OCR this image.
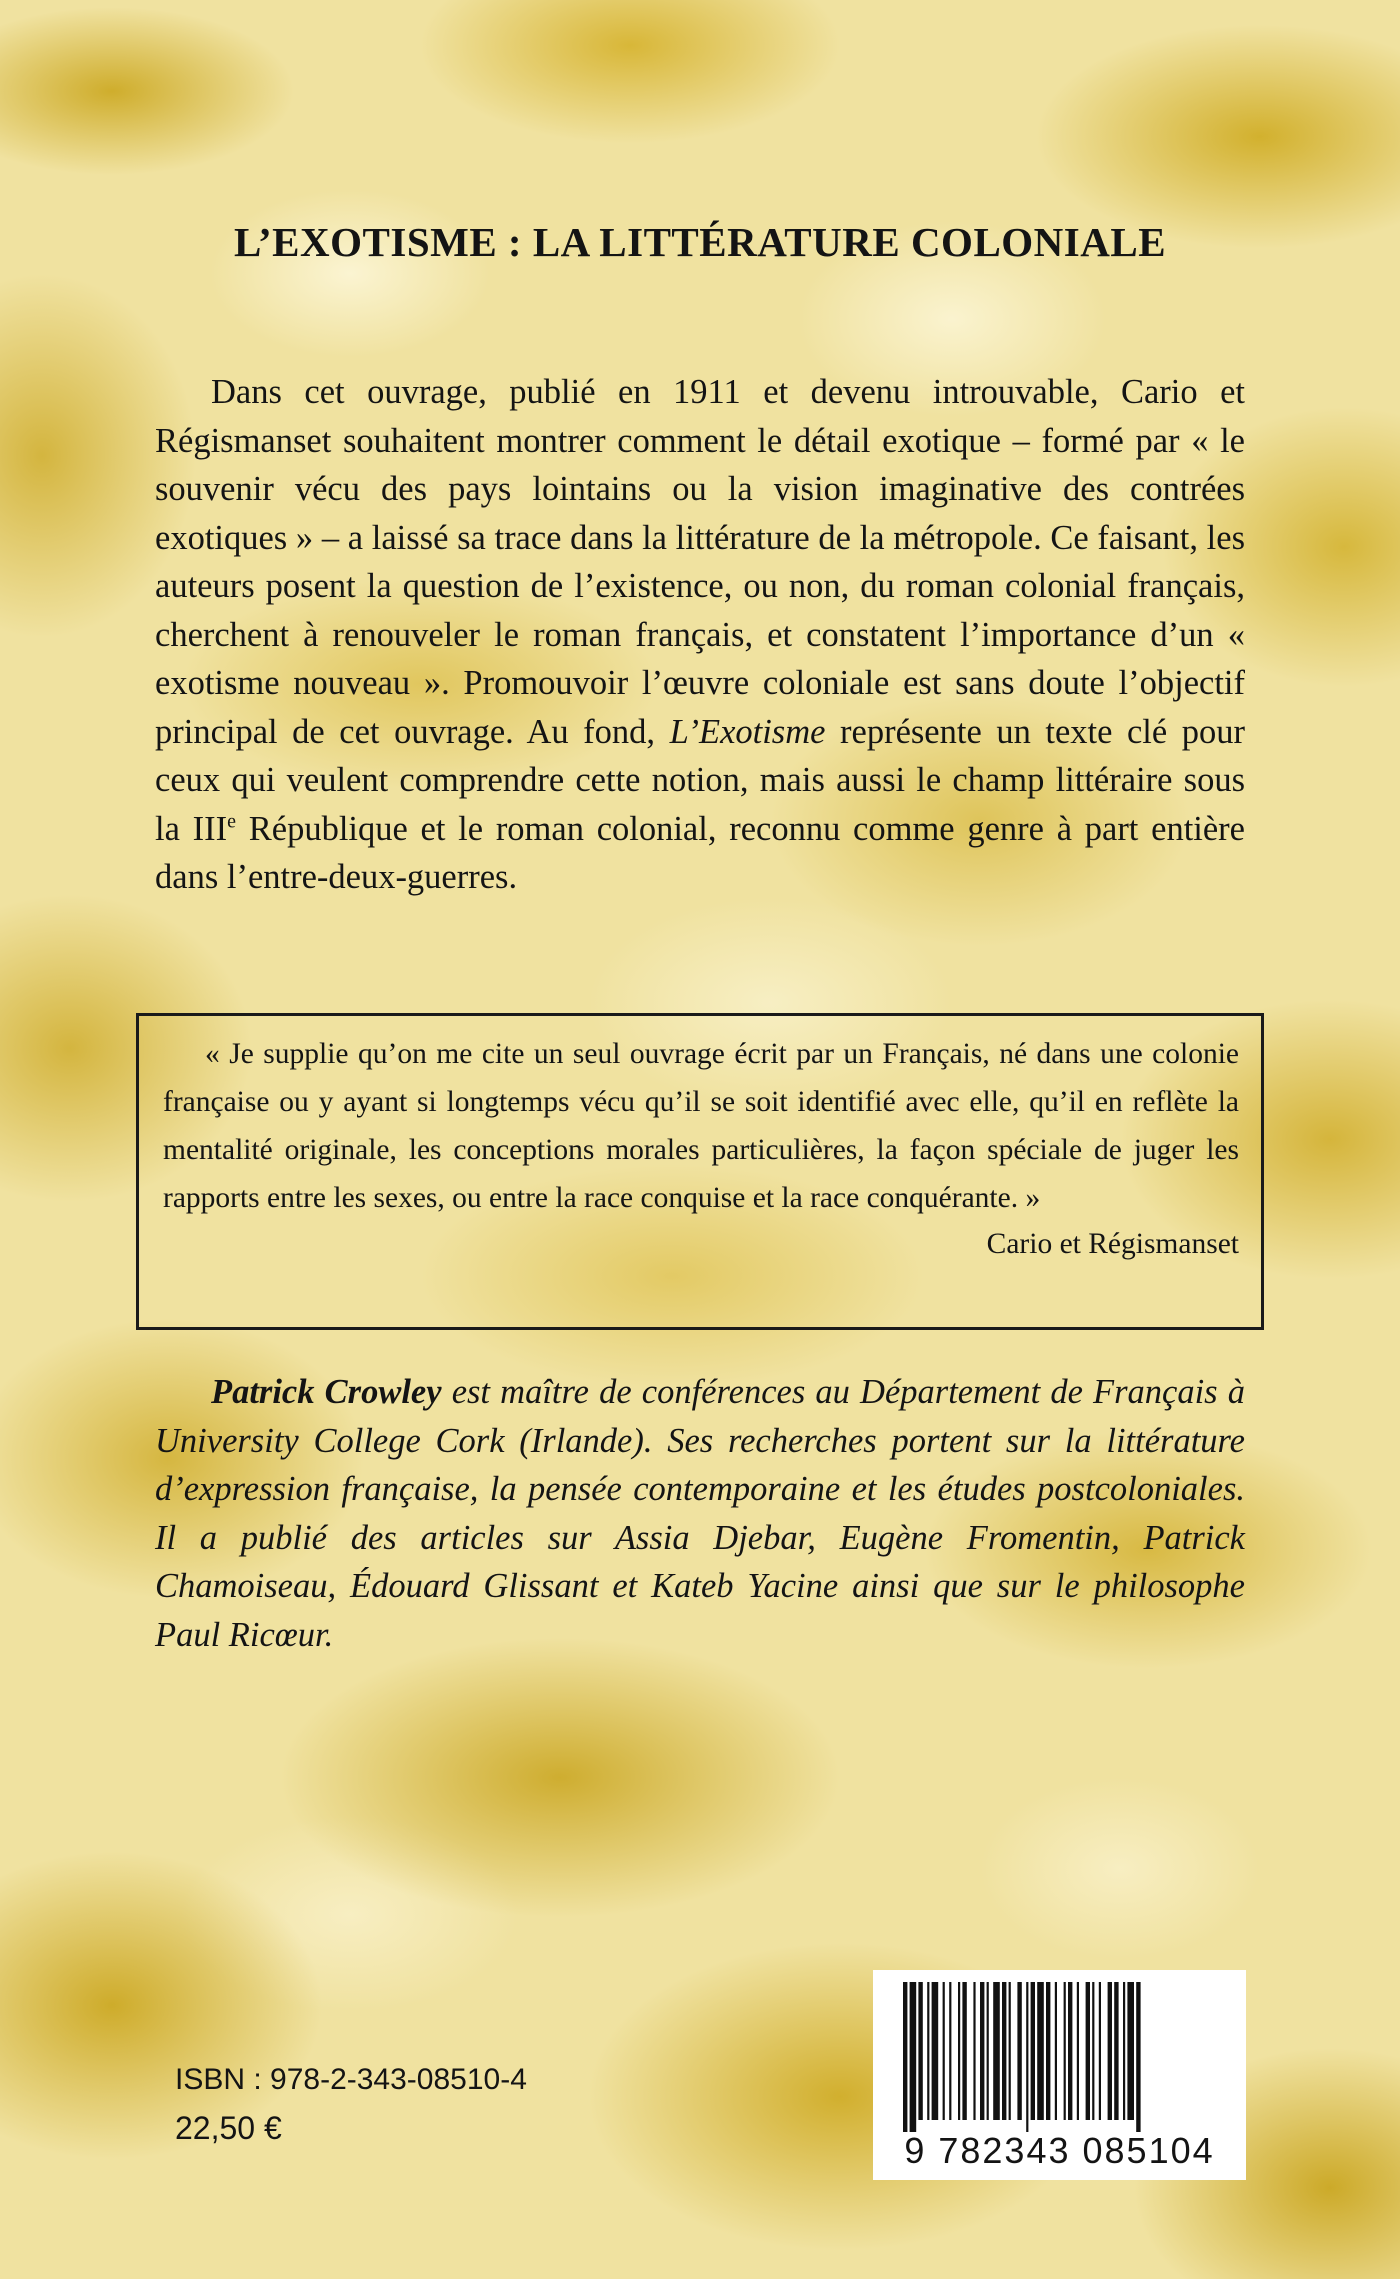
L’EXOTISME : LA LITTÉRATURE COLONIALE

Dans cet ouvrage, publié en 1911 et devenu introuvable, Cario et Régismanset souhaitent montrer comment le détail exotique – formé par « le souvenir vécu des pays lointains ou la vision imaginative des contrées exotiques » – a laissé sa trace dans la littérature de la métropole. Ce faisant, les auteurs posent la question de l’existence, ou non, du roman colonial français, cherchent à renouveler le roman français, et constatent l’importance d’un « exotisme nouveau ». Promouvoir l’œuvre coloniale est sans doute l’objectif principal de cet ouvrage. Au fond, L’Exotisme représente un texte clé pour ceux qui veulent comprendre cette notion, mais aussi le champ littéraire sous la IIIe République et le roman colonial, reconnu comme genre à part entière dans l’entre-deux-guerres.

« Je supplie qu’on me cite un seul ouvrage écrit par un Français, né dans une colonie française ou y ayant si longtemps vécu qu’il se soit identifié avec elle, qu’il en reflète la mentalité originale, les conceptions morales particulières, la façon spéciale de juger les rapports entre les sexes, ou entre la race conquise et la race conquérante. »

Cario et Régismanset

Patrick Crowley est maître de conférences au Département de Français à University College Cork (Irlande). Ses recherches portent sur la littérature d’expression française, la pensée contemporaine et les études postcoloniales. Il a publié des articles sur Assia Djebar, Eugène Fromentin, Patrick Chamoiseau, Édouard Glissant et Kateb Yacine ainsi que sur le philosophe Paul Ricœur.

ISBN : 978-2-343-08510-4

22,50 €

9 782343 085104
